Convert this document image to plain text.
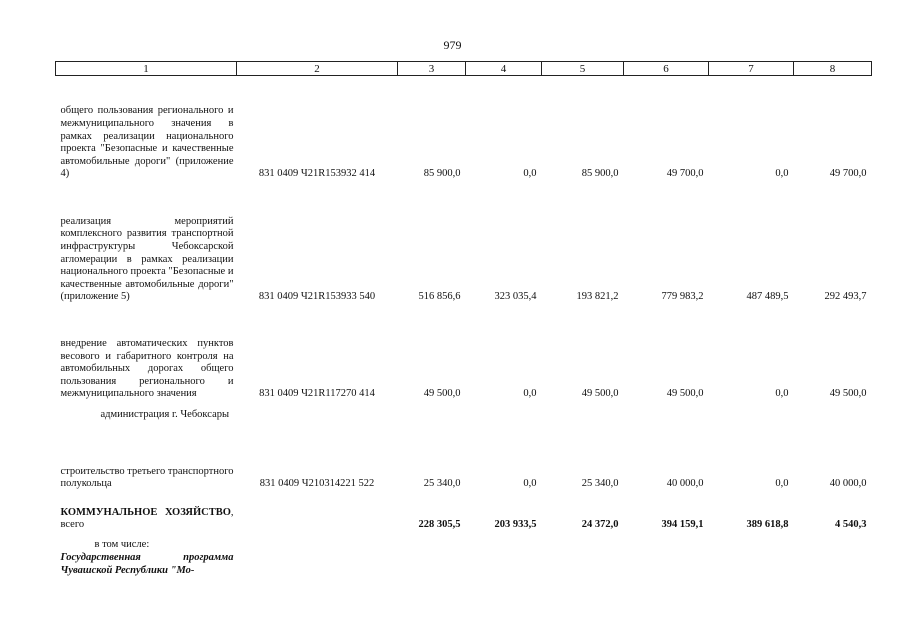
979
1	2	3	4	5	6	7	8
общего пользования регионального и межмуниципального значения в рамках реализации национального проекта "Безопасные и качественные автомобильные дороги" (приложение 4)	831 0409 Ч21R153932 414	85 900,0	0,0	85 900,0	49 700,0	0,0	49 700,0
реализация мероприятий комплексного развития транспортной инфраструктуры Чебоксарской агломерации в рамках реализации национального проекта "Безопасные и качественные автомобильные дороги" (приложение 5)	831 0409 Ч21R153933 540	516 856,6	323 035,4	193 821,2	779 983,2	487 489,5	292 493,7
внедрение автоматических пунктов весового и габаритного контроля на автомобильных дорогах общего пользования регионального и межмуниципального значения	831 0409 Ч21R117270 414	49 500,0	0,0	49 500,0	49 500,0	0,0	49 500,0
администрация г. Чебоксары							
строительство третьего транспортного полукольца	831 0409 Ч210314221 522	25 340,0	0,0	25 340,0	40 000,0	0,0	40 000,0
КОММУНАЛЬНОЕ ХОЗЯЙСТВО, всего		228 305,5	203 933,5	24 372,0	394 159,1	389 618,8	4 540,3
в том числе:							
Государственная программа Чувашской Республики "Мо-							
